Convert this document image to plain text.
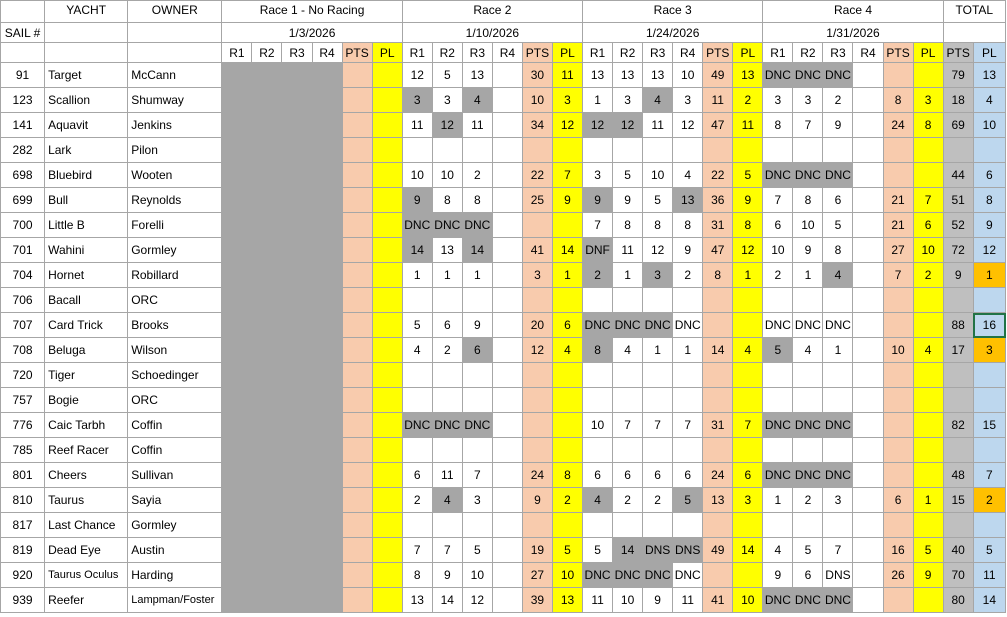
	YACHT	OWNER	Race 1 - No Racing						Race 2						Race 3						Race 4						TOTAL	
SAIL #			1/3/2026						1/10/2026						1/24/2026						1/31/2026							
			R1	R2	R3	R4	PTS	PL	R1	R2	R3	R4	PTS	PL	R1	R2	R3	R4	PTS	PL	R1	R2	R3	R4	PTS	PL	PTS	PL
91	Target	McCann							12	5	13		30	11	13	13	13	10	49	13	DNC	DNC	DNC				79	13
123	Scallion	Shumway							3	3	4		10	3	1	3	4	3	11	2	3	3	2		8	3	18	4
141	Aquavit	Jenkins							11	12	11		34	12	12	12	11	12	47	11	8	7	9		24	8	69	10
282	Lark	Pilon																										
698	Bluebird	Wooten							10	10	2		22	7	3	5	10	4	22	5	DNC	DNC	DNC				44	6
699	Bull	Reynolds							9	8	8		25	9	9	9	5	13	36	9	7	8	6		21	7	51	8
700	Little B	Forelli							DNC	DNC	DNC				7	8	8	8	31	8	6	10	5		21	6	52	9
701	Wahini	Gormley							14	13	14		41	14	DNF	11	12	9	47	12	10	9	8		27	10	72	12
704	Hornet	Robillard							1	1	1		3	1	2	1	3	2	8	1	2	1	4		7	2	9	1
706	Bacall	ORC																										
707	Card Trick	Brooks							5	6	9		20	6	DNC	DNC	DNC	DNC			DNC	DNC	DNC				88	16
708	Beluga	Wilson							4	2	6		12	4	8	4	1	1	14	4	5	4	1		10	4	17	3
720	Tiger	Schoedinger																										
757	Bogie	ORC																										
776	Caic Tarbh	Coffin							DNC	DNC	DNC				10	7	7	7	31	7	DNC	DNC	DNC				82	15
785	Reef Racer	Coffin																										
801	Cheers	Sullivan							6	11	7		24	8	6	6	6	6	24	6	DNC	DNC	DNC				48	7
810	Taurus	Sayia							2	4	3		9	2	4	2	2	5	13	3	1	2	3		6	1	15	2
817	Last Chance	Gormley																										
819	Dead Eye	Austin							7	7	5		19	5	5	14	DNS	DNS	49	14	4	5	7		16	5	40	5
920	Taurus Oculus	Harding							8	9	10		27	10	DNC	DNC	DNC	DNC			9	6	DNS		26	9	70	11
939	Reefer	Lampman/Foster							13	14	12		39	13	11	10	9	11	41	10	DNC	DNC	DNC				80	14
